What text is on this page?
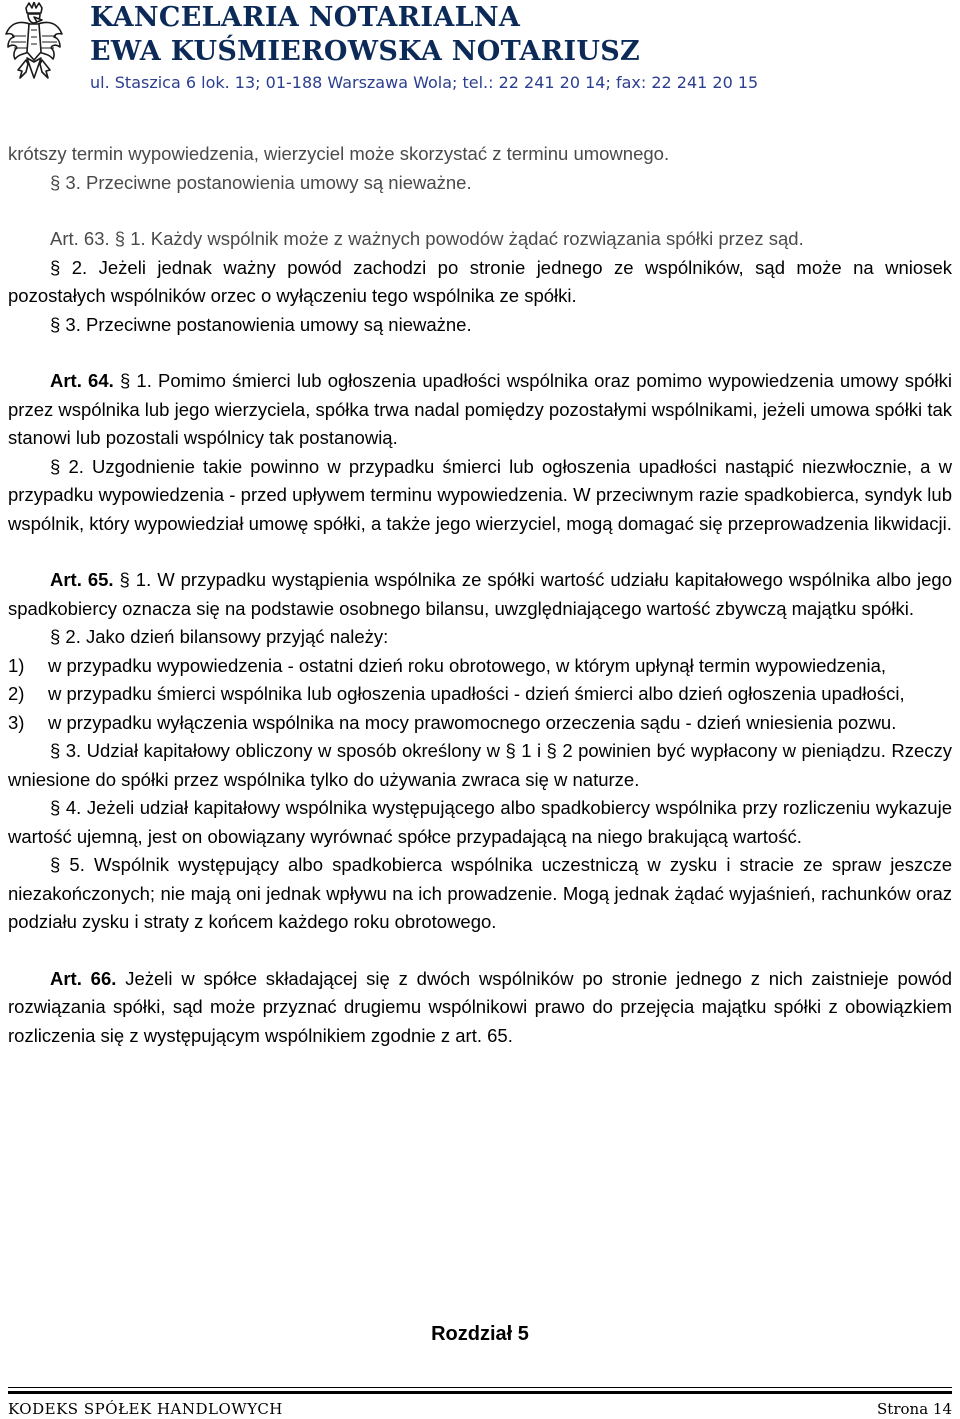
KANCELARIA NOTARIALNA
EWA KUŚMIEROWSKA NOTARIUSZ
ul. Staszica 6 lok. 13; 01-188 Warszawa Wola; tel.: 22 241 20 14; fax: 22 241 20 15

krótszy termin wypowiedzenia, wierzyciel może skorzystać z terminu umownego.

§ 3. Przeciwne postanowienia umowy są nieważne.

Art. 63. § 1. Każdy wspólnik może z ważnych powodów żądać rozwiązania spółki przez sąd.

§ 2. Jeżeli jednak ważny powód zachodzi po stronie jednego ze wspólników, sąd może na wniosek pozostałych wspólników orzec o wyłączeniu tego wspólnika ze spółki.

§ 3. Przeciwne postanowienia umowy są nieważne.

Art. 64. § 1. Pomimo śmierci lub ogłoszenia upadłości wspólnika oraz pomimo wypowiedzenia umowy spółki przez wspólnika lub jego wierzyciela, spółka trwa nadal pomiędzy pozostałymi wspólnikami, jeżeli umowa spółki tak stanowi lub pozostali wspólnicy tak postanowią.

§ 2. Uzgodnienie takie powinno w przypadku śmierci lub ogłoszenia upadłości nastąpić niezwłocznie, a w przypadku wypowiedzenia - przed upływem terminu wypowiedzenia. W przeciwnym razie spadkobierca, syndyk lub wspólnik, który wypowiedział umowę spółki, a także jego wierzyciel, mogą domagać się przeprowadzenia likwidacji.

Art. 65. § 1. W przypadku wystąpienia wspólnika ze spółki wartość udziału kapitałowego wspólnika albo jego spadkobiercy oznacza się na podstawie osobnego bilansu, uwzględniającego wartość zbywczą majątku spółki.

§ 2. Jako dzień bilansowy przyjąć należy:

1)	w przypadku wypowiedzenia - ostatni dzień roku obrotowego, w którym upłynął termin wypowiedzenia,
2)	w przypadku śmierci wspólnika lub ogłoszenia upadłości - dzień śmierci albo dzień ogłoszenia upadłości,
3)	w przypadku wyłączenia wspólnika na mocy prawomocnego orzeczenia sądu - dzień wniesienia pozwu.

§ 3. Udział kapitałowy obliczony w sposób określony w § 1 i § 2 powinien być wypłacony w pieniądzu. Rzeczy wniesione do spółki przez wspólnika tylko do używania zwraca się w naturze.

§ 4. Jeżeli udział kapitałowy wspólnika występującego albo spadkobiercy wspólnika przy rozliczeniu wykazuje wartość ujemną, jest on obowiązany wyrównać spółce przypadającą na niego brakującą wartość.

§ 5. Wspólnik występujący albo spadkobierca wspólnika uczestniczą w zysku i stracie ze spraw jeszcze niezakończonych; nie mają oni jednak wpływu na ich prowadzenie. Mogą jednak żądać wyjaśnień, rachunków oraz podziału zysku i straty z końcem każdego roku obrotowego.

Art. 66. Jeżeli w spółce składającej się z dwóch wspólników po stronie jednego z nich zaistnieje powód rozwiązania spółki, sąd może przyznać drugiemu wspólnikowi prawo do przejęcia majątku spółki z obowiązkiem rozliczenia się z występującym wspólnikiem zgodnie z art. 65.

Rozdział 5
KODEKS SPÓŁEK HANDLOWYCH	Strona 14
